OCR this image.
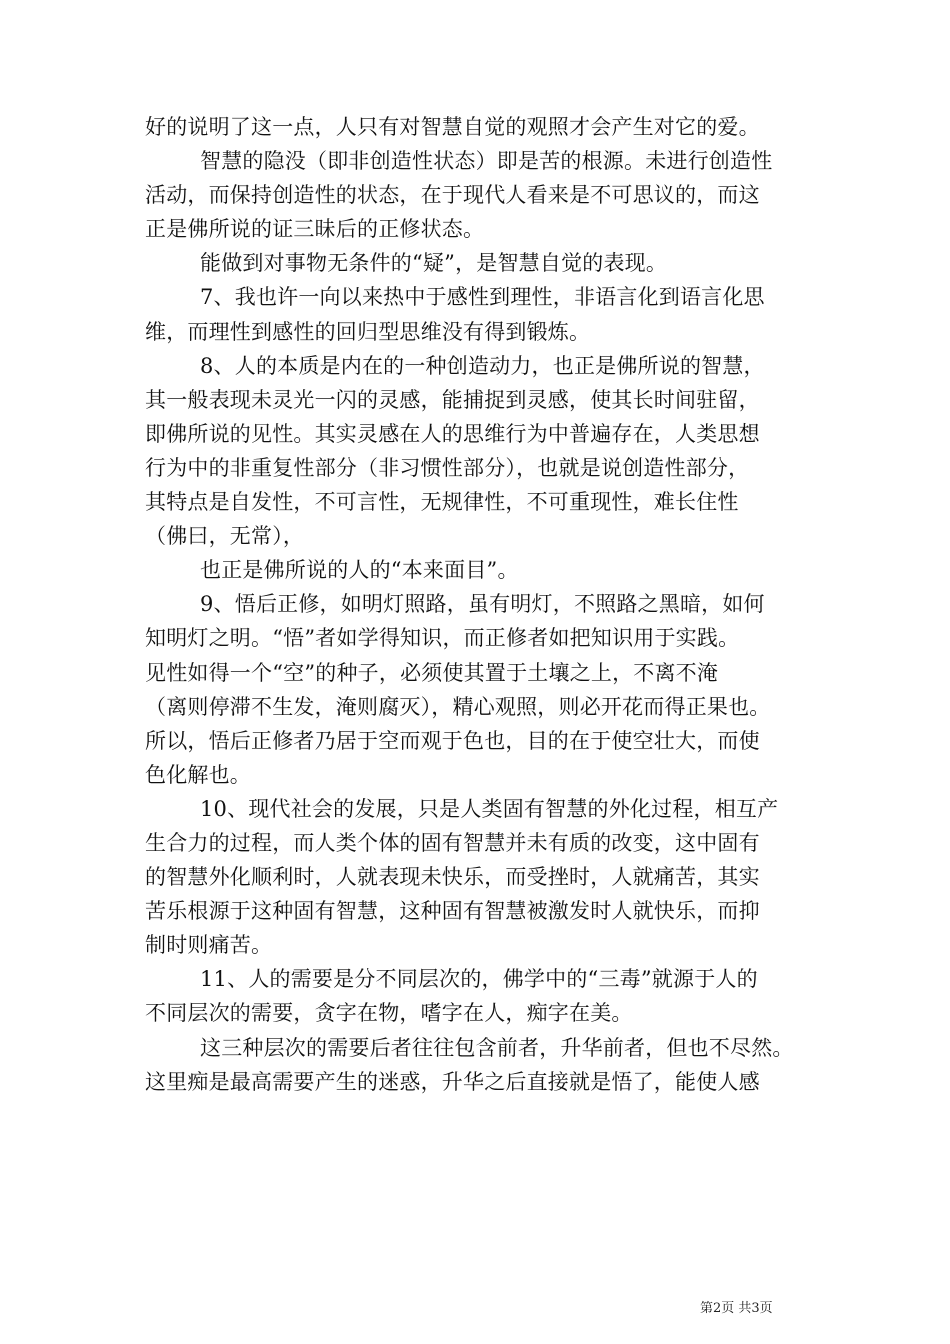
好的说明了这一点，人只有对智慧自觉的观照才会产生对它的爱。
智慧的隐没（即非创造性状态）即是苦的根源。未进行创造性
活动，而保持创造性的状态，在于现代人看来是不可思议的，而这
正是佛所说的证三昧后的正修状态。
能做到对事物无条件的“疑”，是智慧自觉的表现。
7、我也许一向以来热中于感性到理性，非语言化到语言化思
维，而理性到感性的回归型思维没有得到锻炼。
8、人的本质是内在的一种创造动力，也正是佛所说的智慧，
其一般表现未灵光一闪的灵感，能捕捉到灵感，使其长时间驻留，
即佛所说的见性。其实灵感在人的思维行为中普遍存在，人类思想
行为中的非重复性部分（非习惯性部分），也就是说创造性部分，
其特点是自发性，不可言性，无规律性，不可重现性，难长住性
（佛曰，无常），
也正是佛所说的人的“本来面目”。
9、悟后正修，如明灯照路，虽有明灯，不照路之黑暗，如何
知明灯之明。“悟”者如学得知识，而正修者如把知识用于实践。
见性如得一个“空”的种子，必须使其置于土壤之上，不离不淹
（离则停滞不生发，淹则腐灭），精心观照，则必开花而得正果也。
所以，悟后正修者乃居于空而观于色也，目的在于使空壮大，而使
色化解也。
10、现代社会的发展，只是人类固有智慧的外化过程，相互产
生合力的过程，而人类个体的固有智慧并未有质的改变，这中固有
的智慧外化顺利时，人就表现未快乐，而受挫时，人就痛苦，其实
苦乐根源于这种固有智慧，这种固有智慧被激发时人就快乐，而抑
制时则痛苦。
11、人的需要是分不同层次的，佛学中的“三毒”就源于人的
不同层次的需要，贪字在物，嗜字在人，痴字在美。
这三种层次的需要后者往往包含前者，升华前者，但也不尽然。
这里痴是最高需要产生的迷惑，升华之后直接就是悟了，能使人感
第2页 共3页
